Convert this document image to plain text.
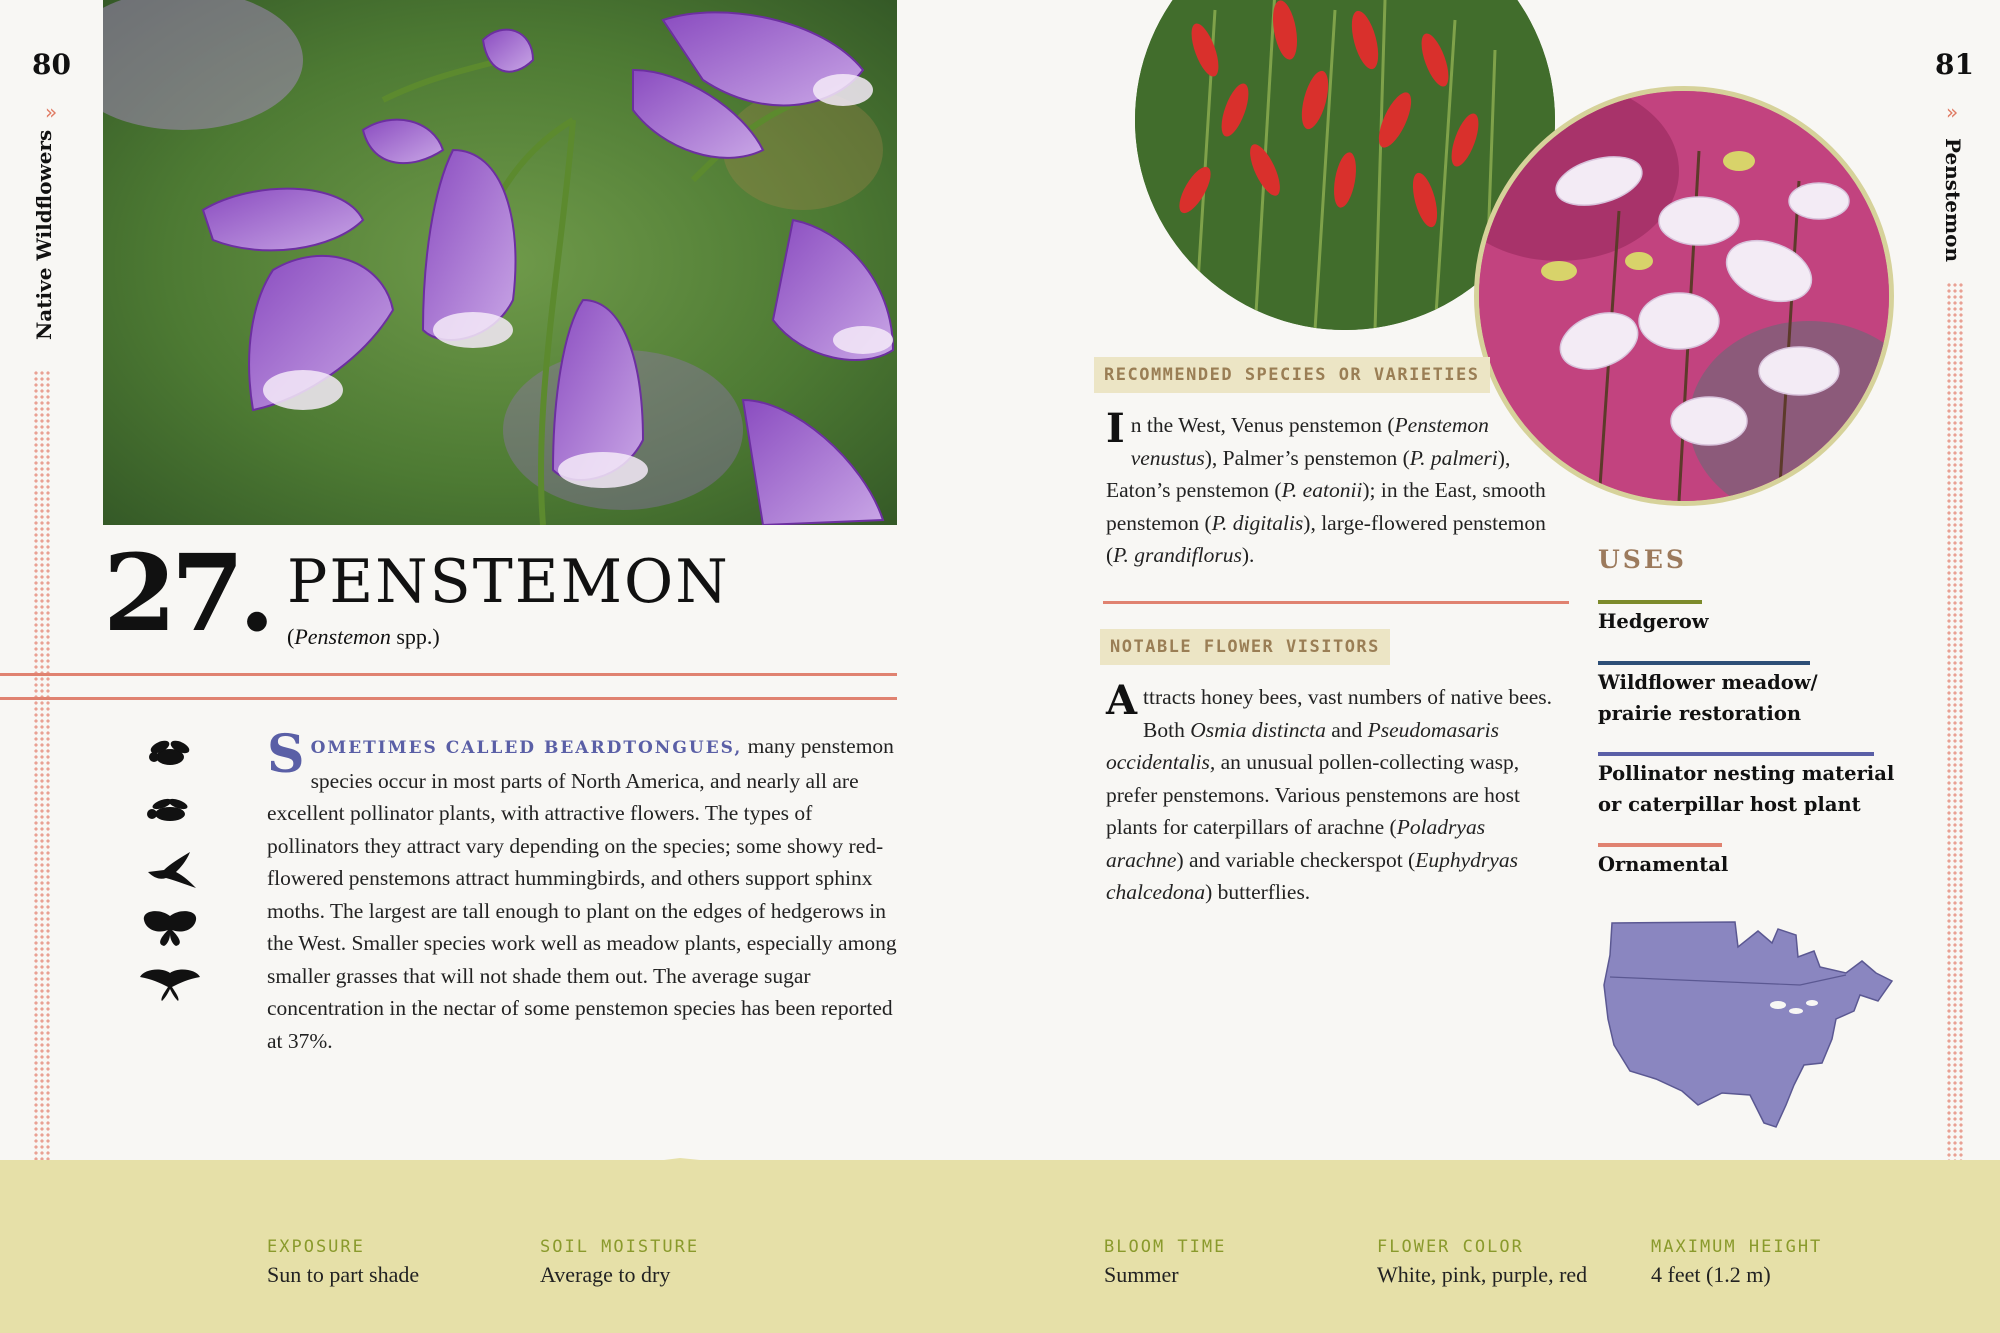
80
»
Native Wildflowers
81
»
Penstemon
27. PENSTEMON
(Penstemon spp.)
SOMETIMES CALLED BEARDTONGUES, many penstemon species occur in most parts of North America, and nearly all are excellent pollinator plants, with attractive flowers. The types of pollinators they attract vary depending on the species; some showy red-flowered penstemons attract hummingbirds, and others support sphinx moths. The largest are tall enough to plant on the edges of hedgerows in the West. Smaller species work well as meadow plants, especially among smaller grasses that will not shade them out. The average sugar concentration in the nectar of some penstemon species has been reported at 37%.
RECOMMENDED SPECIES OR VARIETIES
In the West, Venus penstemon (Penstemon venustus), Palmer’s penstemon (P. palmeri), Eaton’s penstemon (P. eatonii); in the East, smooth penstemon (P. digitalis), large-flowered penstemon (P. grandiflorus).
NOTABLE FLOWER VISITORS
Attracts honey bees, vast numbers of native bees. Both Osmia distincta and Pseudomasaris occidentalis, an unusual pollen-collecting wasp, prefer penstemons. Various penstemons are host plants for caterpillars of arachne (Poladryas arachne) and variable checkerspot (Euphydryas chalcedona) butterflies.
USES
Hedgerow
Wildflower meadow/ prairie restoration
Pollinator nesting material or caterpillar host plant
Ornamental
EXPOSURE
Sun to part shade
SOIL MOISTURE
Average to dry
BLOOM TIME
Summer
FLOWER COLOR
White, pink, purple, red
MAXIMUM HEIGHT
4 feet (1.2 m)
